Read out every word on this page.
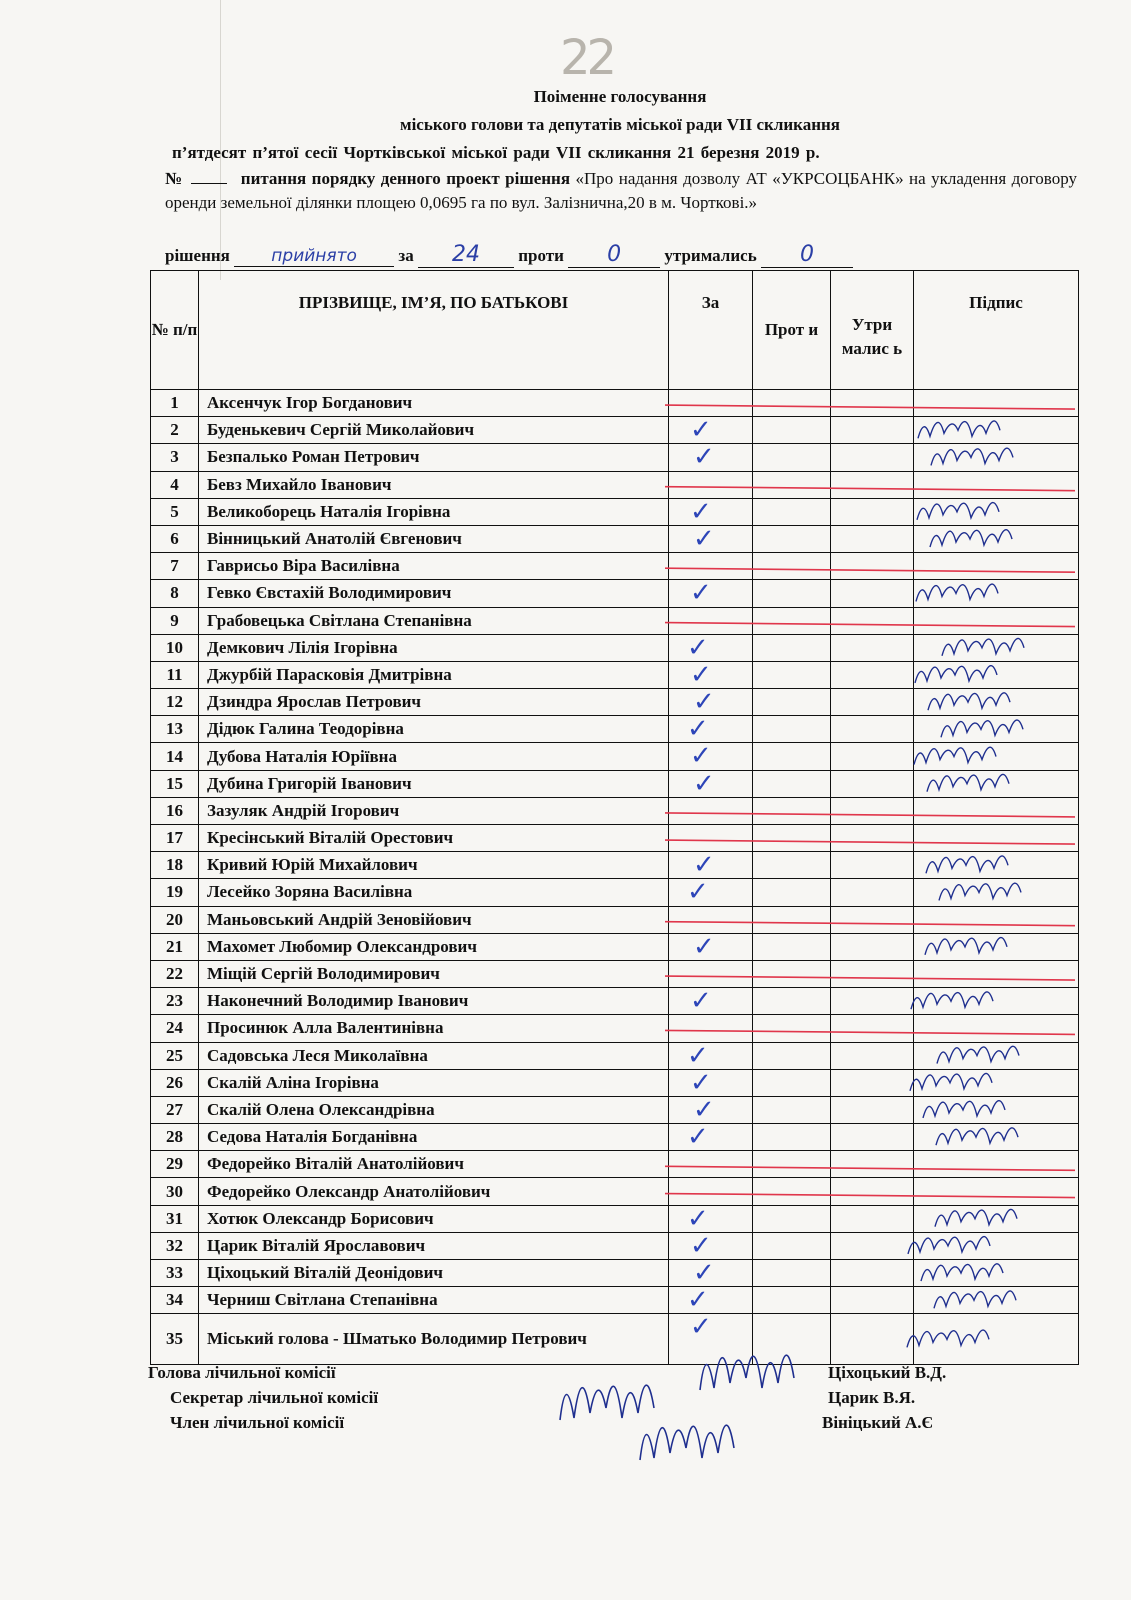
22
Поіменне голосування
міського голови та депутатів міської ради VII скликання
п’ятдесят п’ятої сесії Чортківської міської ради VІІ скликання 21 березня 2019 р.
№	питання порядку денного проект рішення «Про надання дозволу АТ «УКРСОЦБАНК» на укладення договору оренди земельної ділянки площею 0,0695 га по вул. Залізнична,20 в м. Чорткові.»
рішення прийнято за 24 проти 0	утримались 0
№ п/п	ПРІЗВИЩЕ, ІМ’Я, ПО БАТЬКОВІ	За	Прот и	Утри малис ь	Підпис
1	Аксенчук Ігор Богданович				
2	Буденькевич Сергій Миколайович	✓			

3	Безпалько Роман Петрович	✓			

4	Бевз Михайло Іванович				
5	Великоборець Наталія Ігорівна	✓			

6	Вінницький Анатолій Євгенович	✓			

7	Гаврисьо Віра Василівна				
8	Гевко Євстахій Володимирович	✓			

9	Грабовецька Світлана Степанівна				
10	Демкович Лілія Ігорівна	✓			

11	Джурбій Парасковія Дмитрівна	✓			

12	Дзиндра Ярослав Петрович	✓			

13	Дідюк Галина Теодорівна	✓			

14	Дубова Наталія Юріївна	✓			

15	Дубина Григорій Іванович	✓			

16	Зазуляк Андрій Ігорович				
17	Кресінський Віталій Орестович				
18	Кривий Юрій Михайлович	✓			

19	Лесейко Зоряна Василівна	✓			

20	Маньовський Андрій Зеновійович				
21	Махомет Любомир Олександрович	✓			

22	Міщій Сергій Володимирович				
23	Наконечний Володимир Іванович	✓			

24	Просинюк Алла Валентинівна				
25	Садовська Леся Миколаївна	✓			

26	Скалій Аліна Ігорівна	✓			

27	Скалій Олена Олександрівна	✓			

28	Седова Наталія Богданівна	✓			

29	Федорейко Віталій Анатолійович				
30	Федорейко Олександр Анатолійович				
31	Хотюк Олександр Борисович	✓			

32	Царик Віталій Ярославович	✓			

33	Ціхоцький Віталій Деонідович	✓			

34	Черниш Світлана Степанівна	✓			

35	Міський голова - Шматько Володимир Петрович	✓			

Голова лічильної комісії
Секретар лічильної комісії
Член лічильної комісії
Ціхоцький В.Д.
Царик В.Я.
Вініцький А.Є
